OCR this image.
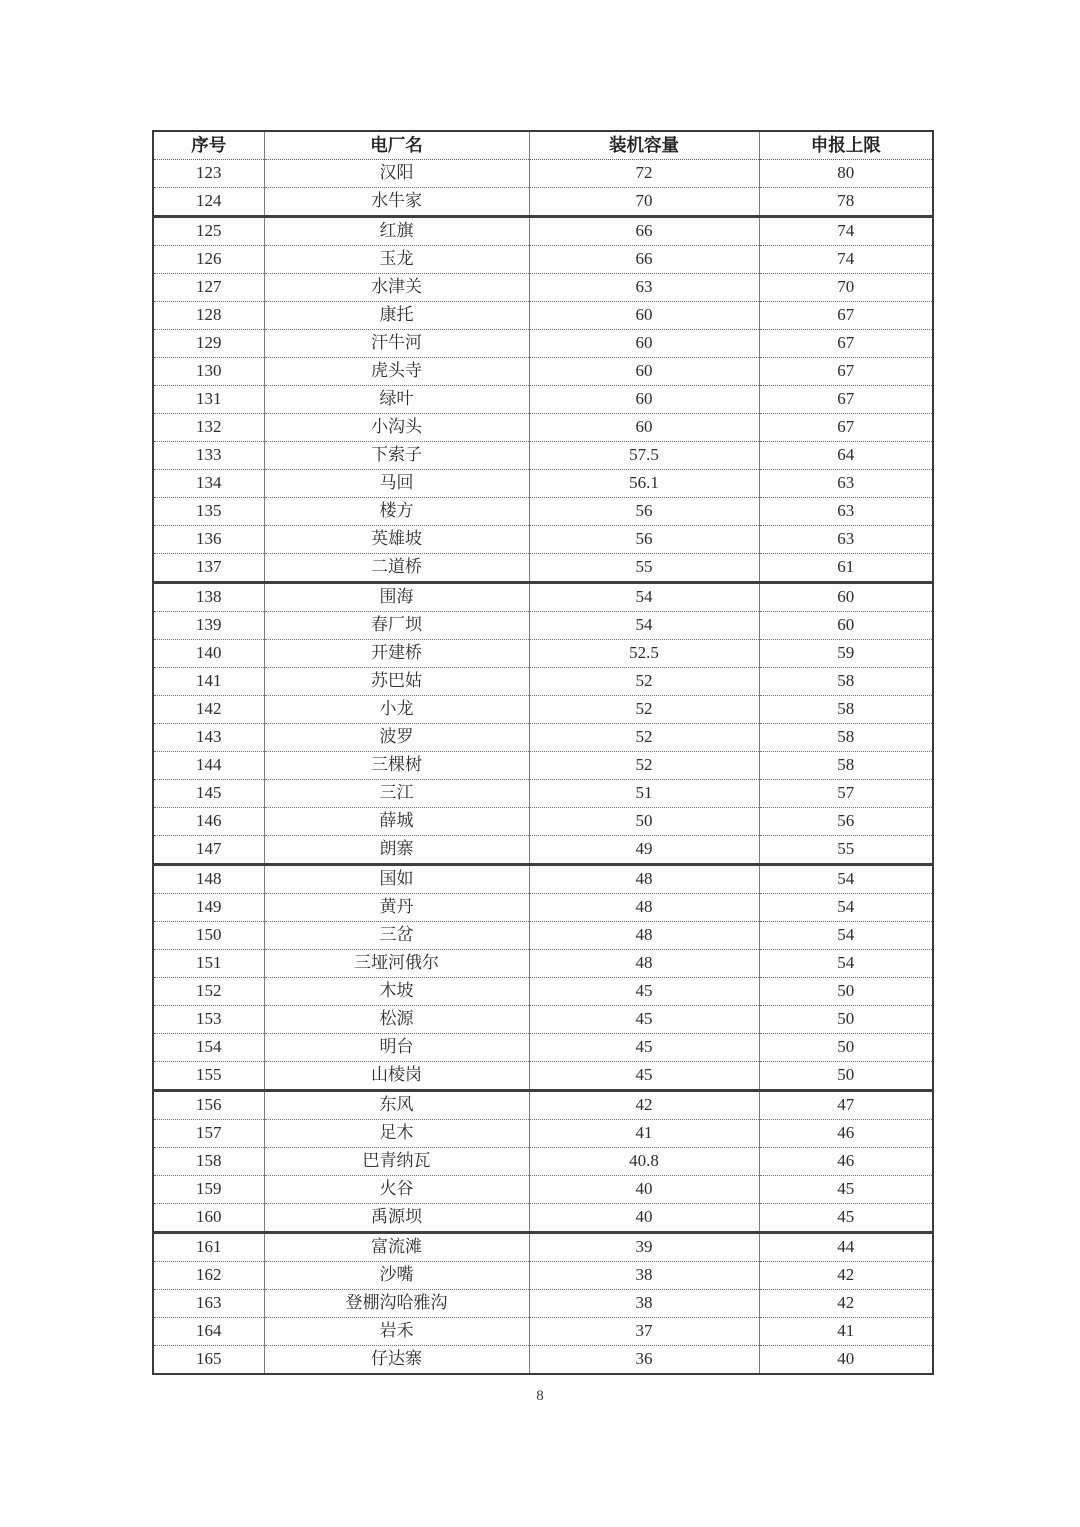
序号	电厂名	装机容量	申报上限
123	汉阳	72	80
124	水牛家	70	78
125	红旗	66	74
126	玉龙	66	74
127	水津关	63	70
128	康托	60	67
129	汗牛河	60	67
130	虎头寺	60	67
131	绿叶	60	67
132	小沟头	60	67
133	下索子	57.5	64
134	马回	56.1	63
135	楼方	56	63
136	英雄坡	56	63
137	二道桥	55	61
138	围海	54	60
139	春厂坝	54	60
140	开建桥	52.5	59
141	苏巴姑	52	58
142	小龙	52	58
143	波罗	52	58
144	三棵树	52	58
145	三江	51	57
146	薛城	50	56
147	朗寨	49	55
148	国如	48	54
149	黄丹	48	54
150	三岔	48	54
151	三垭河俄尔	48	54
152	木坡	45	50
153	松源	45	50
154	明台	45	50
155	山棱岗	45	50
156	东风	42	47
157	足木	41	46
158	巴青纳瓦	40.8	46
159	火谷	40	45
160	禹源坝	40	45
161	富流滩	39	44
162	沙嘴	38	42
163	登棚沟哈雅沟	38	42
164	岩禾	37	41
165	仔达寨	36	40
8
